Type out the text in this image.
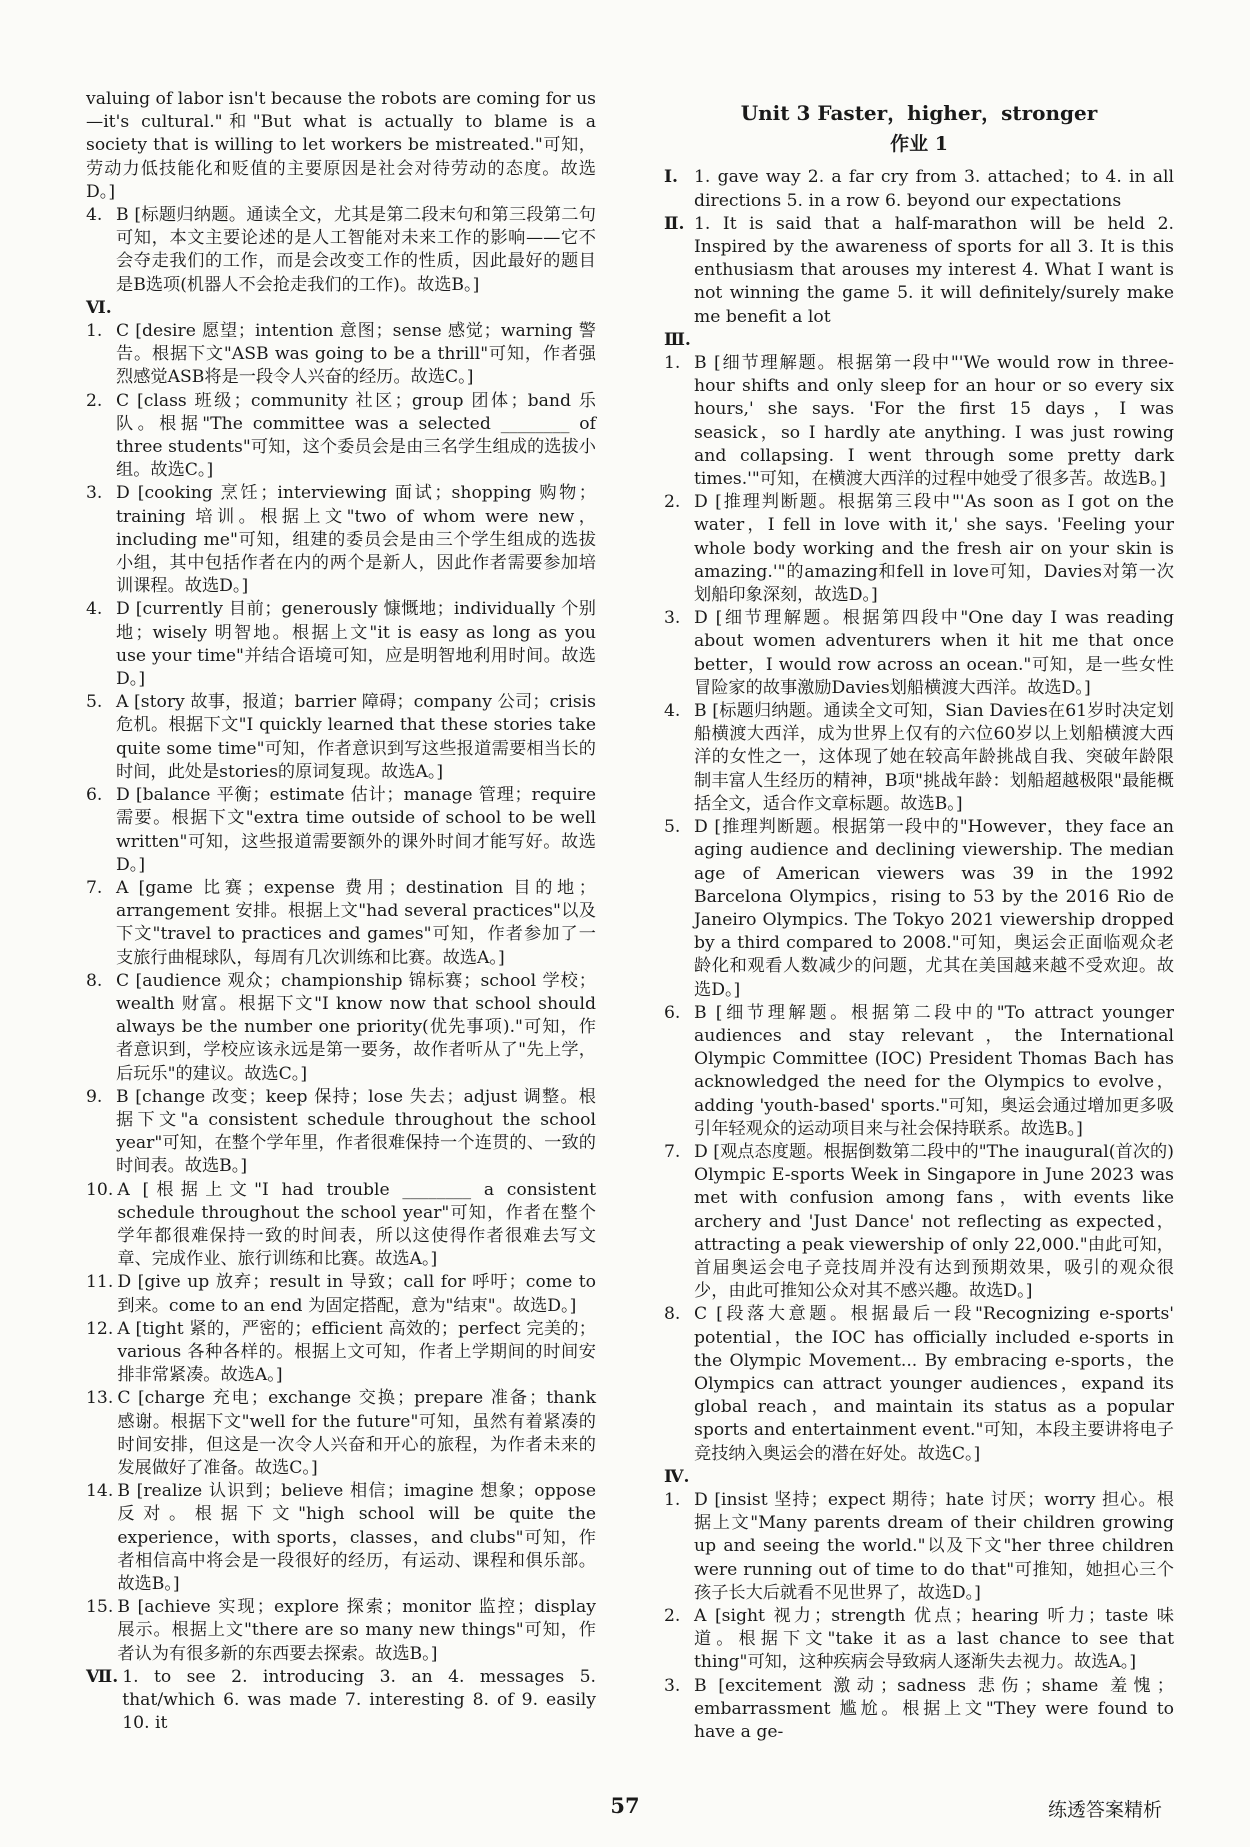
valuing of labor isn't because the robots are coming for us—it's cultural."和"But what is actually to blame is a society that is willing to let workers be mistreated."可知，劳动力低技能化和贬值的主要原因是社会对待劳动的态度。故选D。]

4. B [标题归纳题。通读全文，尤其是第二段末句和第三段第二句可知，本文主要论述的是人工智能对未来工作的影响——它不会夺走我们的工作，而是会改变工作的性质，因此最好的题目是B选项(机器人不会抢走我们的工作)。故选B。]

Ⅵ.

1. C [desire 愿望；intention 意图；sense 感觉；warning 警告。根据下文"ASB was going to be a thrill"可知，作者强烈感觉ASB将是一段令人兴奋的经历。故选C。]
2. C [class 班级；community 社区；group 团体；band 乐队。根据"The committee was a selected ________ of three students"可知，这个委员会是由三名学生组成的选拔小组。故选C。]
3. D [cooking 烹饪；interviewing 面试；shopping 购物；training 培训。根据上文"two of whom were new，including me"可知，组建的委员会是由三个学生组成的选拔小组，其中包括作者在内的两个是新人，因此作者需要参加培训课程。故选D。]
4. D [currently 目前；generously 慷慨地；individually 个别地；wisely 明智地。根据上文"it is easy as long as you use your time"并结合语境可知，应是明智地利用时间。故选D。]
5. A [story 故事，报道；barrier 障碍；company 公司；crisis 危机。根据下文"I quickly learned that these stories take quite some time"可知，作者意识到写这些报道需要相当长的时间，此处是stories的原词复现。故选A。]
6. D [balance 平衡；estimate 估计；manage 管理；require 需要。根据下文"extra time outside of school to be well written"可知，这些报道需要额外的课外时间才能写好。故选D。]
7. A [game 比赛；expense 费用；destination 目的地；arrangement 安排。根据上文"had several practices"以及下文"travel to practices and games"可知，作者参加了一支旅行曲棍球队，每周有几次训练和比赛。故选A。]
8. C [audience 观众；championship 锦标赛；school 学校；wealth 财富。根据下文"I know now that school should always be the number one priority(优先事项)."可知，作者意识到，学校应该永远是第一要务，故作者听从了"先上学，后玩乐"的建议。故选C。]
9. B [change 改变；keep 保持；lose 失去；adjust 调整。根据下文"a consistent schedule throughout the school year"可知，在整个学年里，作者很难保持一个连贯的、一致的时间表。故选B。]
10. A [根据上文"I had trouble ________ a consistent schedule throughout the school year"可知，作者在整个学年都很难保持一致的时间表，所以这使得作者很难去写文章、完成作业、旅行训练和比赛。故选A。]
11. D [give up 放弃；result in 导致；call for 呼吁；come to 到来。come to an end 为固定搭配，意为"结束"。故选D。]
12. A [tight 紧的，严密的；efficient 高效的；perfect 完美的；various 各种各样的。根据上文可知，作者上学期间的时间安排非常紧凑。故选A。]
13. C [charge 充电；exchange 交换；prepare 准备；thank 感谢。根据下文"well for the future"可知，虽然有着紧凑的时间安排，但这是一次令人兴奋和开心的旅程，为作者未来的发展做好了准备。故选C。]
14. B [realize 认识到；believe 相信；imagine 想象；oppose 反对。根据下文"high school will be quite the experience，with sports，classes，and clubs"可知，作者相信高中将会是一段很好的经历，有运动、课程和俱乐部。故选B。]
15. B [achieve 实现；explore 探索；monitor 监控；display 展示。根据上文"there are so many new things"可知，作者认为有很多新的东西要去探索。故选B。]
Ⅶ. 1. to see 2. introducing 3. an 4. messages 5. that/which 6. was made 7. interesting 8. of 9. easily 10. it
Unit 3 Faster，higher，stronger
作业 1
Ⅰ. 1. gave way 2. a far cry from 3. attached；to 4. in all directions 5. in a row 6. beyond our expectations
Ⅱ. 1. It is said that a half-marathon will be held 2. Inspired by the awareness of sports for all 3. It is this enthusiasm that arouses my interest 4. What I want is not winning the game 5. it will definitely/surely make me benefit a lot

Ⅲ.

1. B [细节理解题。根据第一段中"'We would row in three-hour shifts and only sleep for an hour or so every six hours,' she says. 'For the first 15 days，I was seasick，so I hardly ate anything. I was just rowing and collapsing. I went through some pretty dark times.'"可知，在横渡大西洋的过程中她受了很多苦。故选B。]
2. D [推理判断题。根据第三段中"'As soon as I got on the water，I fell in love with it,' she says. 'Feeling your whole body working and the fresh air on your skin is amazing.'"的amazing和fell in love可知，Davies对第一次划船印象深刻，故选D。]
3. D [细节理解题。根据第四段中"One day I was reading about women adventurers when it hit me that once better，I would row across an ocean."可知，是一些女性冒险家的故事激励Davies划船横渡大西洋。故选D。]
4. B [标题归纳题。通读全文可知，Sian Davies在61岁时决定划船横渡大西洋，成为世界上仅有的六位60岁以上划船横渡大西洋的女性之一，这体现了她在较高年龄挑战自我、突破年龄限制丰富人生经历的精神，B项"挑战年龄：划船超越极限"最能概括全文，适合作文章标题。故选B。]
5. D [推理判断题。根据第一段中的"However，they face an aging audience and declining viewership. The median age of American viewers was 39 in the 1992 Barcelona Olympics，rising to 53 by the 2016 Rio de Janeiro Olympics. The Tokyo 2021 viewership dropped by a third compared to 2008."可知，奥运会正面临观众老龄化和观看人数减少的问题，尤其在美国越来越不受欢迎。故选D。]
6. B [细节理解题。根据第二段中的"To attract younger audiences and stay relevant，the International Olympic Committee (IOC) President Thomas Bach has acknowledged the need for the Olympics to evolve，adding 'youth-based' sports."可知，奥运会通过增加更多吸引年轻观众的运动项目来与社会保持联系。故选B。]
7. D [观点态度题。根据倒数第二段中的"The inaugural(首次的) Olympic E-sports Week in Singapore in June 2023 was met with confusion among fans，with events like archery and 'Just Dance' not reflecting as expected，attracting a peak viewership of only 22,000."由此可知，首届奥运会电子竞技周并没有达到预期效果，吸引的观众很少，由此可推知公众对其不感兴趣。故选D。]
8. C [段落大意题。根据最后一段"Recognizing e-sports' potential，the IOC has officially included e-sports in the Olympic Movement... By embracing e-sports，the Olympics can attract younger audiences，expand its global reach，and maintain its status as a popular sports and entertainment event."可知，本段主要讲将电子竞技纳入奥运会的潜在好处。故选C。]

Ⅳ.

1. D [insist 坚持；expect 期待；hate 讨厌；worry 担心。根据上文"Many parents dream of their children growing up and seeing the world."以及下文"her three children were running out of time to do that"可推知，她担心三个孩子长大后就看不见世界了，故选D。]
2. A [sight 视力；strength 优点；hearing 听力；taste 味道。根据下文"take it as a last chance to see that thing"可知，这种疾病会导致病人逐渐失去视力。故选A。]
3. B [excitement 激动；sadness 悲伤；shame 羞愧；embarrassment 尴尬。根据上文"They were found to have a ge-
57	练透答案精析
